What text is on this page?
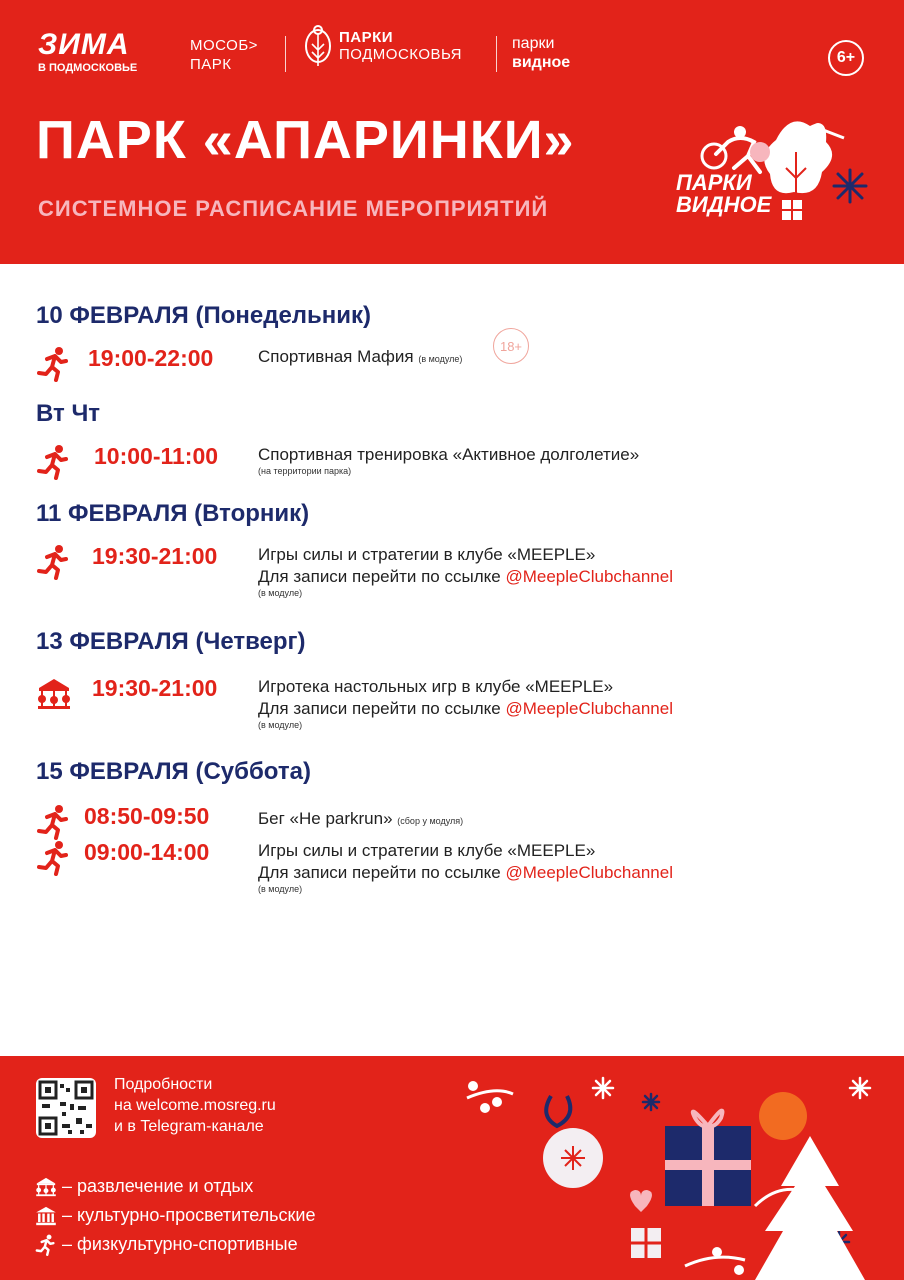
ЗИМА
В ПОДМОСКОВЬЕ
МОСОБ>
ПАРК
ПАРКИ
ПОДМОСКОВЬЯ
парки
видное	6+
ПАРК «АПАРИНКИ»
СИСТЕМНОЕ РАСПИСАНИЕ МЕРОПРИЯТИЙ
ПАРКИ
ВИДНОЕ
18+
10 ФЕВРАЛЯ (Понедельник)
19:00-22:00	Спортивная Мафия (в модуле)
Вт Чт
10:00-11:00 Спортивная тренировка «Активное долголетие»
(на территории парка)
11 ФЕВРАЛЯ (Вторник)
19:30-21:00 Игры силы и стратегии в клубе «MEEPLE»
Для записи перейти по ссылке @MeepleClubchannel
(в модуле)
13 ФЕВРАЛЯ (Четверг)
19:30-21:00 Игротека настольных игр в клубе «MEEPLE»
Для записи перейти по ссылке @MeepleClubchannel
(в модуле)
15 ФЕВРАЛЯ (Суббота)
08:50-09:50	Бег «Не parkrun» (сбор у модуля)
09:00-14:00	Игры силы и стратегии в клубе «MEEPLE»
Для записи перейти по ссылке @MeepleClubchannel
(в модуле)
Подробности
на welcome.mosreg.ru
и в Telegram-канале
– развлечение и отдых
– культурно-просветительские
– физкультурно-спортивные
